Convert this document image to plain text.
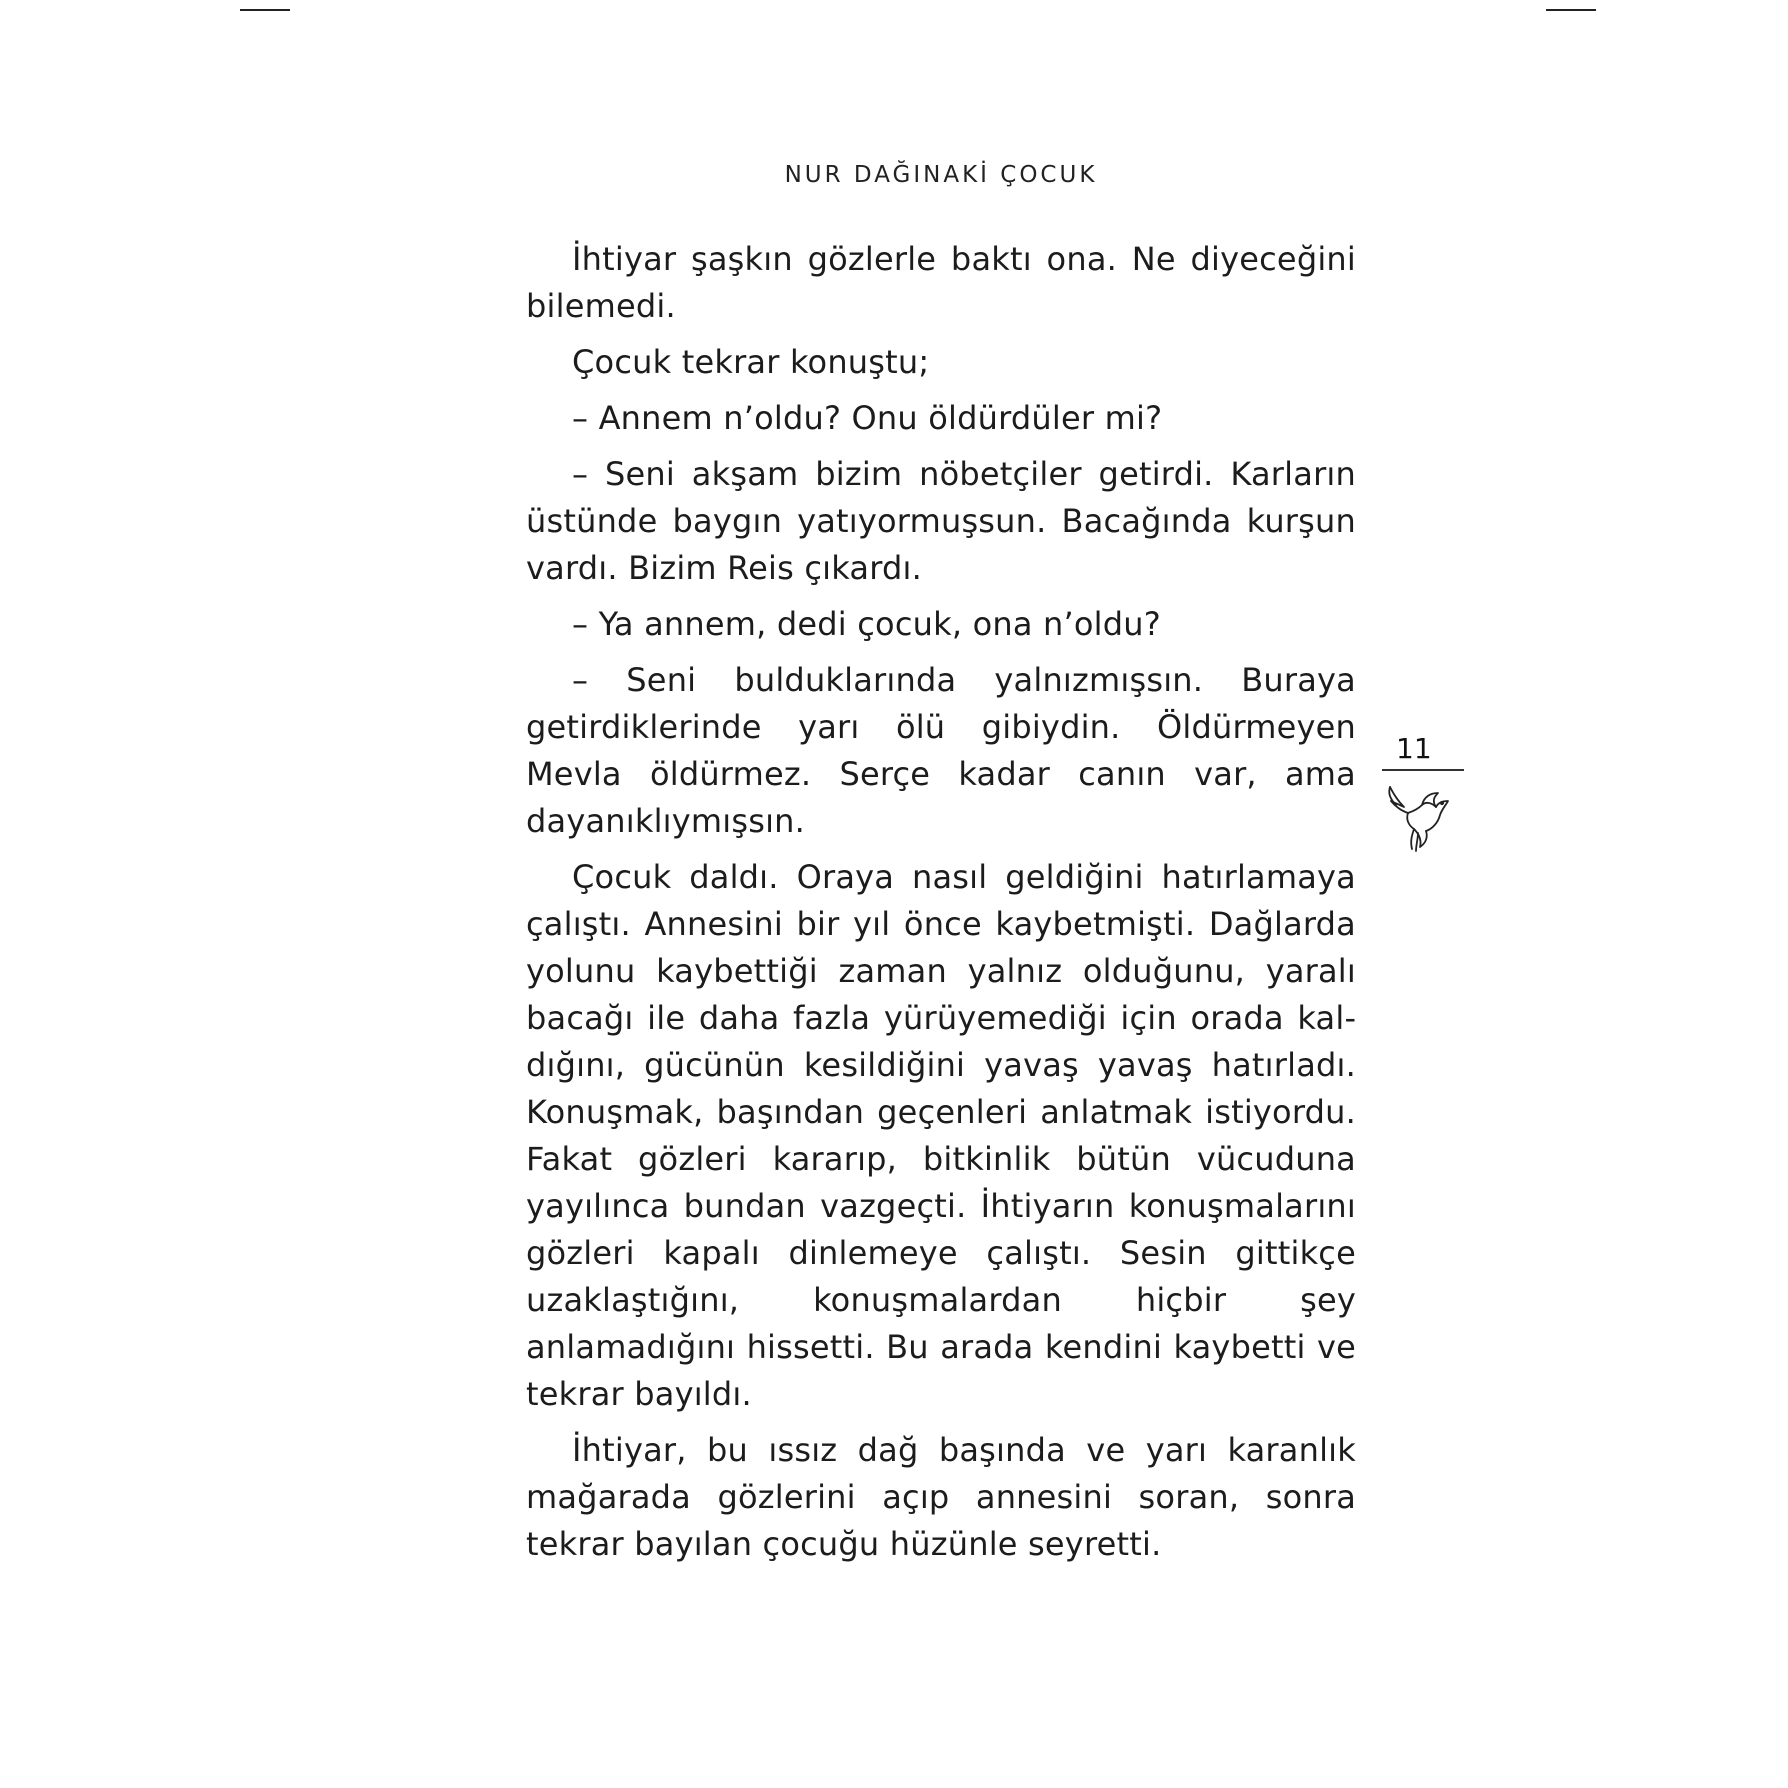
NUR DAĞINAKİ ÇOCUK

İhtiyar şaşkın gözlerle baktı ona. Ne diyeceğini bilemedi.

Çocuk tekrar konuştu;

– Annem n’oldu? Onu öldürdüler mi?

– Seni akşam bizim nöbetçiler getirdi. Karların üstünde baygın yatıyormuşsun. Bacağında kurşun vardı. Bizim Reis çıkardı.

– Ya annem, dedi çocuk, ona n’oldu?

– Seni bulduklarında yalnızmışsın. Buraya getirdiklerinde yarı ölü gibiydin. Öldürmeyen Mevla öldürmez. Serçe kadar canın var, ama dayanıklıymışsın.

Çocuk daldı. Oraya nasıl geldiğini hatırlamaya çalıştı. Annesini bir yıl önce kaybetmişti. Dağlarda yolunu kaybettiği zaman yalnız olduğunu, yaralı bacağı ile daha fazla yürüyemediği için orada kaldığını, gücünün kesildiğini yavaş yavaş hatırladı. Konuşmak, başından geçenleri anlatmak istiyordu. Fakat gözleri kararıp, bitkinlik bütün vücuduna yayılınca bundan vazgeçti. İhtiyarın konuşmalarını gözleri kapalı dinlemeye çalıştı. Sesin gittikçe uzaklaştığını, konuşmalardan hiçbir şey anlamadığını hissetti. Bu arada kendini kaybetti ve tekrar bayıldı.

İhtiyar, bu ıssız dağ başında ve yarı karanlık mağarada gözlerini açıp annesini soran, sonra tekrar bayılan çocuğu hüzünle seyretti.

11
